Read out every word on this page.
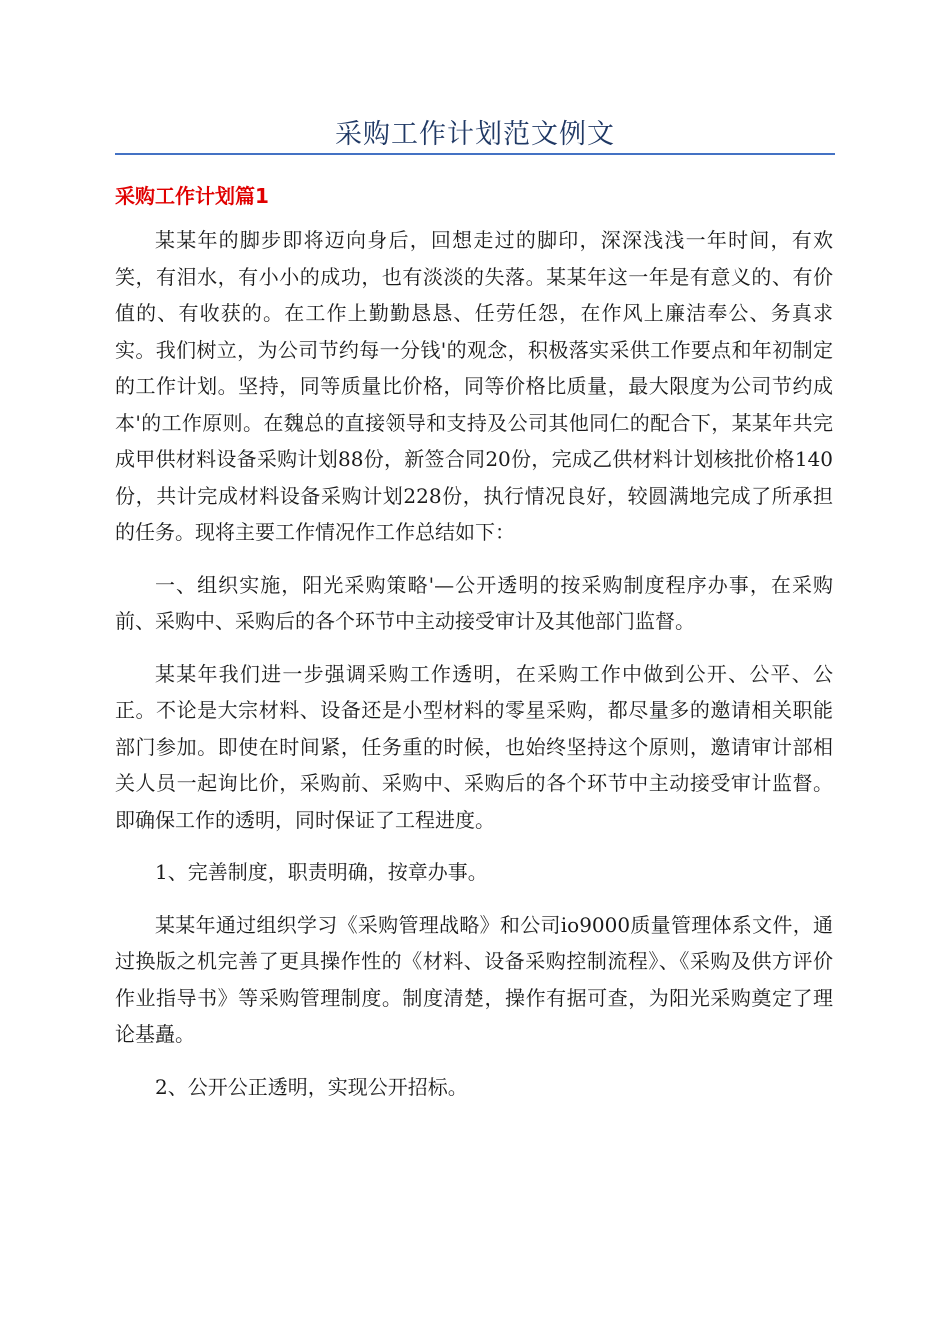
采购工作计划范文例文
采购工作计划篇1

某某年的脚步即将迈向身后，回想走过的脚印，深深浅浅一年时间，有欢笑，有泪水，有小小的成功，也有淡淡的失落。某某年这一年是有意义的、有价值的、有收获的。在工作上勤勤恳恳、任劳任怨，在作风上廉洁奉公、务真求实。我们树立，为公司节约每一分钱'的观念，积极落实采供工作要点和年初制定的工作计划。坚持，同等质量比价格，同等价格比质量，最大限度为公司节约成本'的工作原则。在魏总的直接领导和支持及公司其他同仁的配合下，某某年共完成甲供材料设备采购计划88份，新签合同20份，完成乙供材料计划核批价格140份，共计完成材料设备采购计划228份，执行情况良好，较圆满地完成了所承担的任务。现将主要工作情况作工作总结如下：

一、组织实施，阳光采购策略'—公开透明的按采购制度程序办事，在采购前、采购中、采购后的各个环节中主动接受审计及其他部门监督。

某某年我们进一步强调采购工作透明，在采购工作中做到公开、公平、公正。不论是大宗材料、设备还是小型材料的零星采购，都尽量多的邀请相关职能部门参加。即使在时间紧，任务重的时候，也始终坚持这个原则，邀请审计部相关人员一起询比价，采购前、采购中、采购后的各个环节中主动接受审计监督。即确保工作的透明，同时保证了工程进度。

1、完善制度，职责明确，按章办事。

某某年通过组织学习《采购管理战略》和公司io9000质量管理体系文件，通过换版之机完善了更具操作性的《材料、设备采购控制流程》、《采购及供方评价作业指导书》等采购管理制度。制度清楚，操作有据可查，为阳光采购奠定了理论基矗。

2、公开公正透明，实现公开招标。
